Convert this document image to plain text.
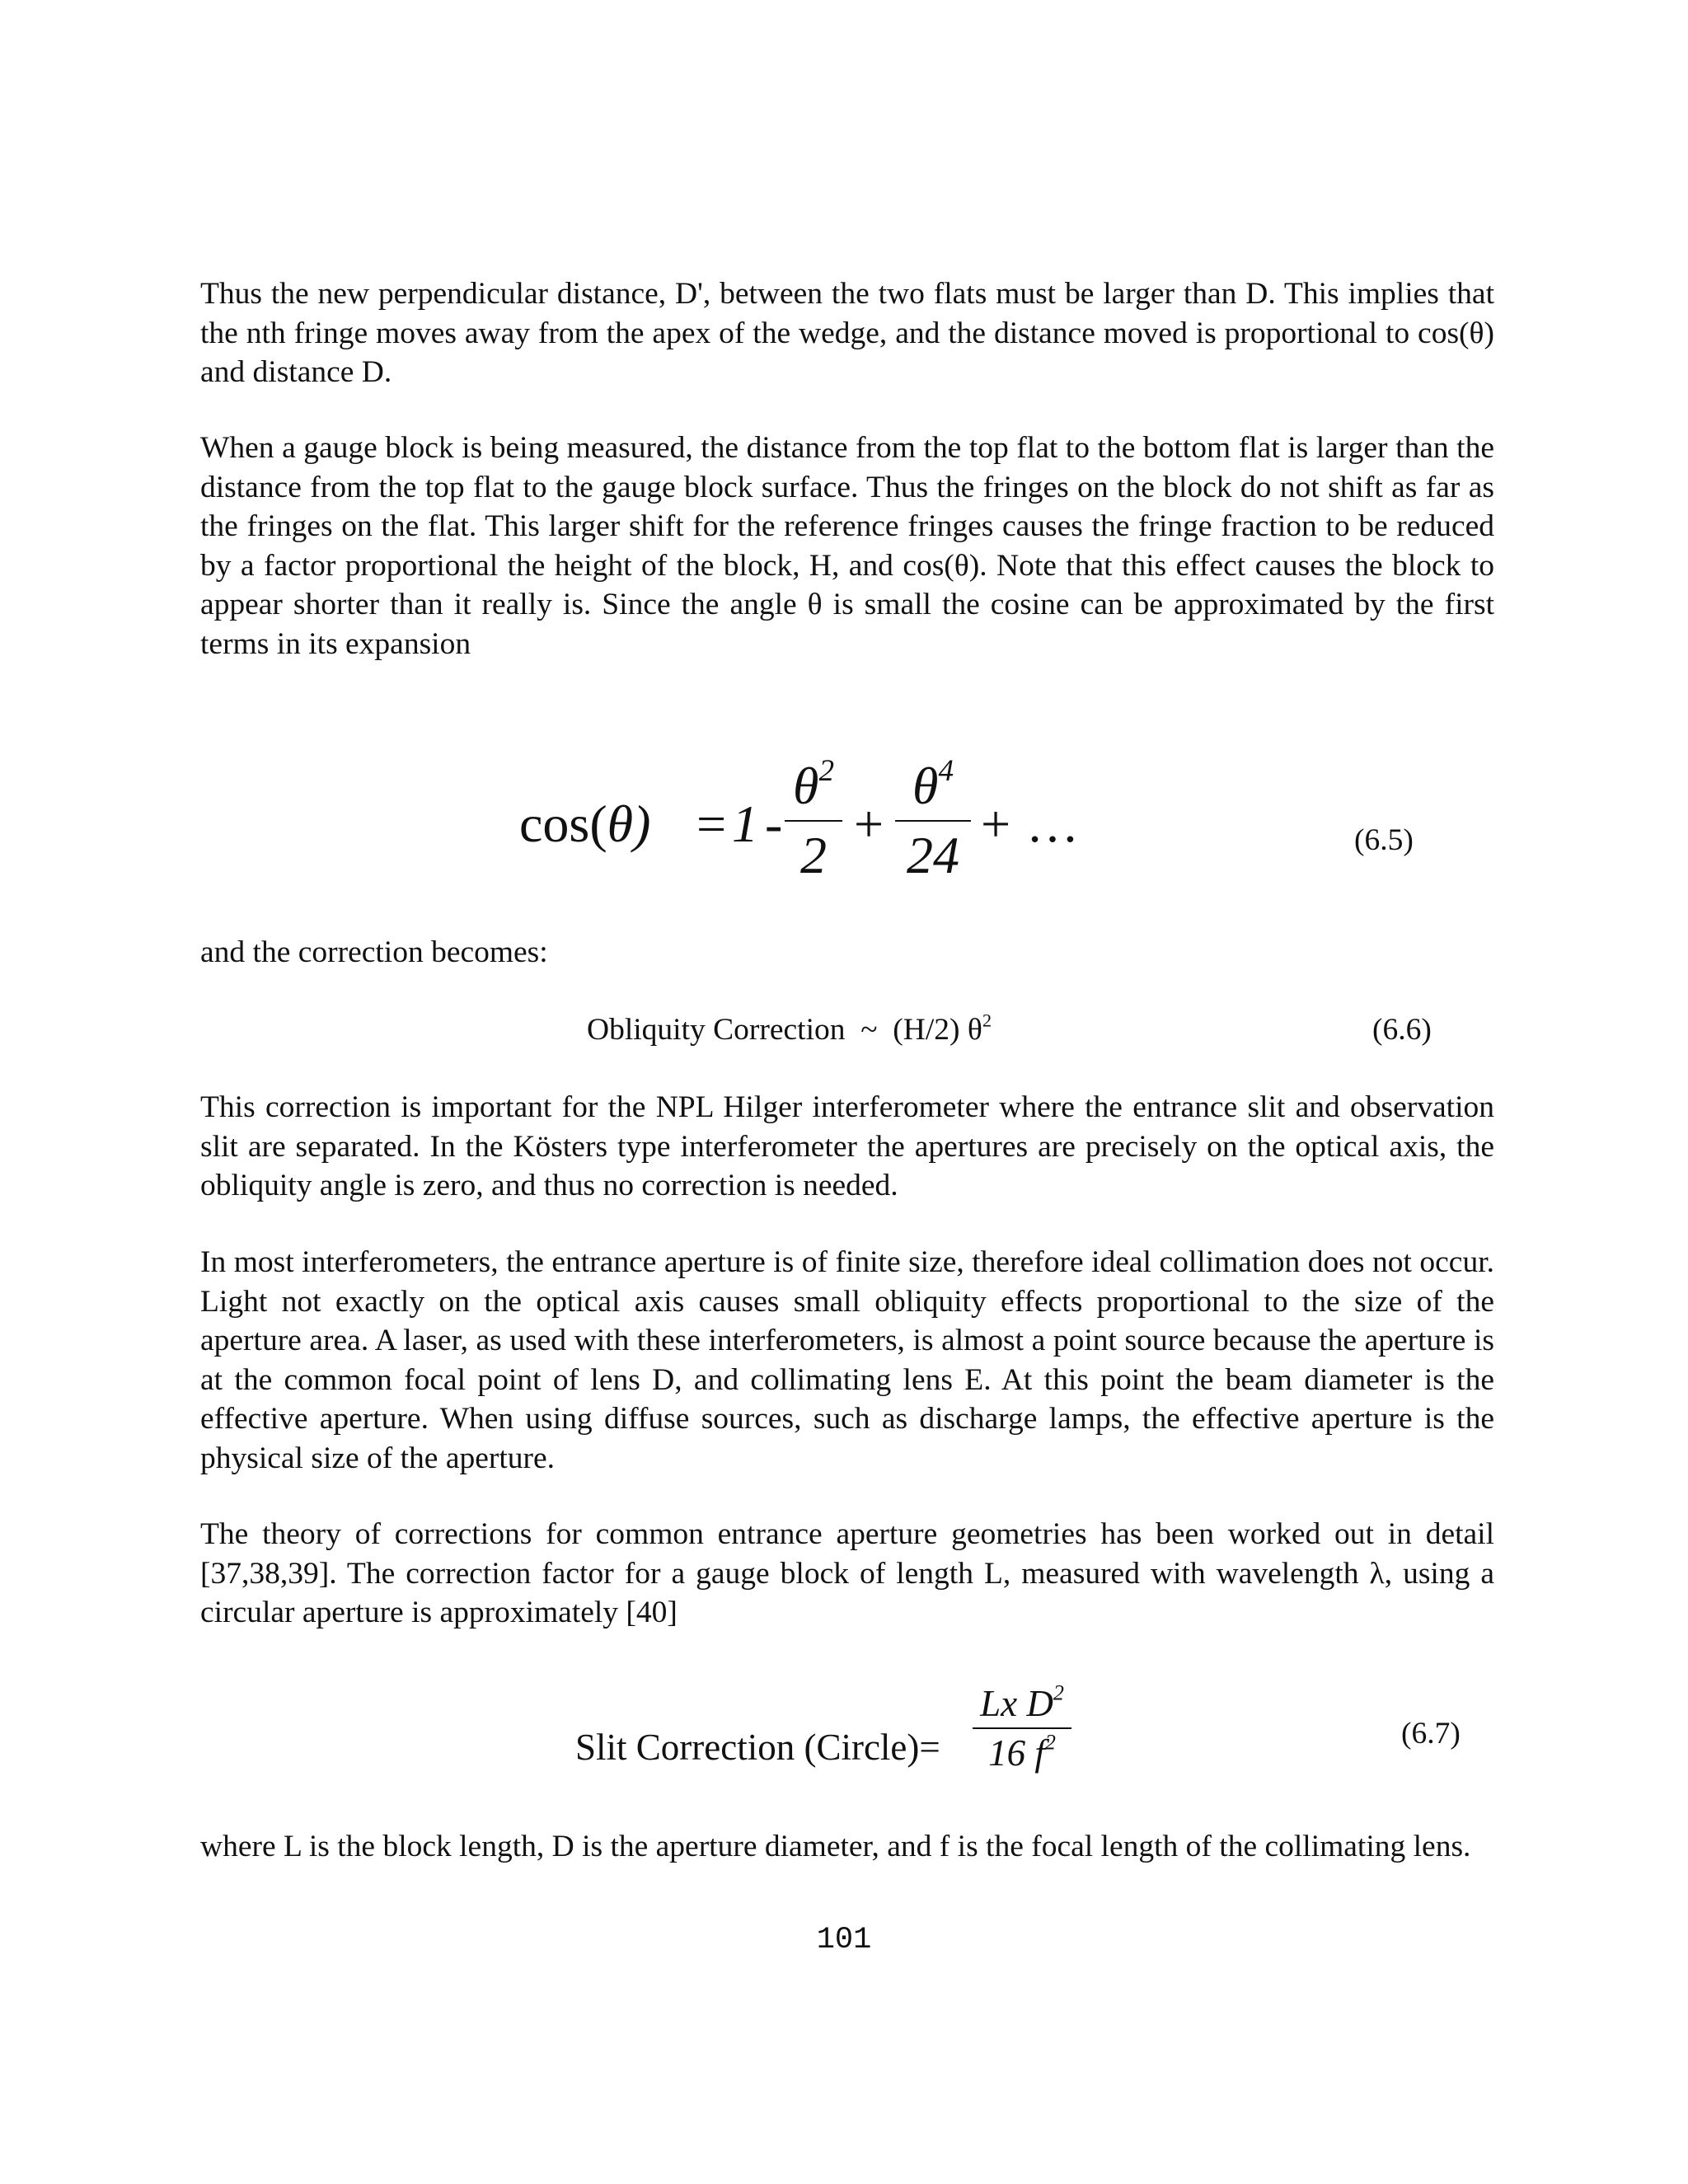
Thus the new perpendicular distance, D', between the two flats must be larger than D. This implies that the nth fringe moves away from the apex of the wedge, and the distance moved is proportional to cos(θ) and distance D.

When a gauge block is being measured, the distance from the top flat to the bottom flat is larger than the distance from the top flat to the gauge block surface. Thus the fringes on the block do not shift as far as the fringes on the flat. This larger shift for the reference fringes causes the fringe fraction to be reduced by a factor proportional the height of the block, H, and cos(θ). Note that this effect causes the block to appear shorter than it really is. Since the angle θ is small the cosine can be approximated by the first terms in its expansion

cos(θ) = 1 -
$\theta^2$
2
+
$\theta^4$
24
+ …	(6.5)

and the correction becomes:

Obliquity Correction ~ (H/2) $\theta^2$	(6.6)

This correction is important for the NPL Hilger interferometer where the entrance slit and observation slit are separated. In the Kösters type interferometer the apertures are precisely on the optical axis, the obliquity angle is zero, and thus no correction is needed.

In most interferometers, the entrance aperture is of finite size, therefore ideal collimation does not occur. Light not exactly on the optical axis causes small obliquity effects proportional to the size of the aperture area. A laser, as used with these interferometers, is almost a point source because the aperture is at the common focal point of lens D, and collimating lens E. At this point the beam diameter is the effective aperture. When using diffuse sources, such as discharge lamps, the effective aperture is the physical size of the aperture.

The theory of corrections for common entrance aperture geometries has been worked out in detail [37,38,39]. The correction factor for a gauge block of length L, measured with wavelength λ, using a circular aperture is approximately [40]

Slit Correction (Circle)=
Lx $D^2$
16 $f^2$	(6.7)

where L is the block length, D is the aperture diameter, and f is the focal length of the collimating lens.

101
